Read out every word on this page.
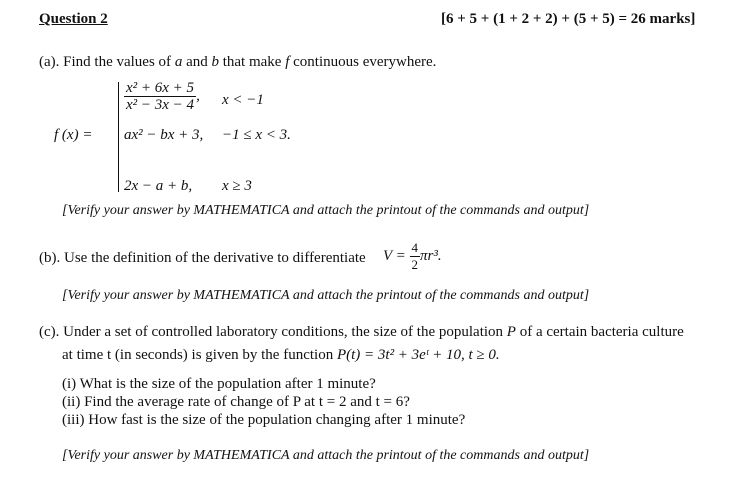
Question 2	[6 + 5 + (1 + 2 + 2) + (5 + 5) = 26 marks]
(a). Find the values of a and b that make f continuous everywhere.
f (x) =
$\frac{\text{x² + 6x + 5}}{\text{x² − 3x − 4}}$ , x < −1
ax² − bx + 3, −1 ≤ x < 3.
2x − a + b, x ≥ 3
[Verify your answer by MATHEMATICA and attach the printout of the commands and output]
(b). Use the definition of the derivative to differentiate $V = \frac{4}{2} \pi r^3$.
[Verify your answer by MATHEMATICA and attach the printout of the commands and output]
(c). Under a set of controlled laboratory conditions, the size of the population P of a certain bacteria culture
at time t (in seconds) is given by the function P(t) = 3t² + 3eᵗ + 10, t ≥ 0.
(i) What is the size of the population after 1 minute?
(ii) Find the average rate of change of P at t = 2 and t = 6?
(iii) How fast is the size of the population changing after 1 minute?
[Verify your answer by MATHEMATICA and attach the printout of the commands and output]
